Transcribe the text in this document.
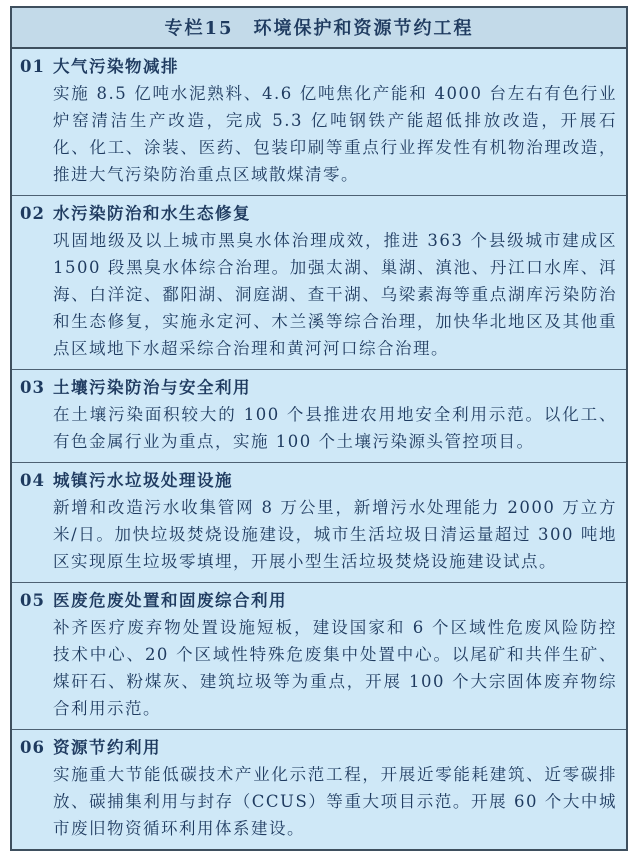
专栏15　环境保护和资源节约工程
01 大气污染物减排

实施 8.5 亿吨水泥熟料、4.6 亿吨焦化产能和 4000 台左右有色行业炉窑清洁生产改造，完成 5.3 亿吨钢铁产能超低排放改造，开展石化、化工、涂装、医药、包装印刷等重点行业挥发性有机物治理改造，推进大气污染防治重点区域散煤清零。

02 水污染防治和水生态修复

巩固地级及以上城市黑臭水体治理成效，推进 363 个县级城市建成区 1500 段黑臭水体综合治理。加强太湖、巢湖、滇池、丹江口水库、洱海、白洋淀、鄱阳湖、洞庭湖、查干湖、乌梁素海等重点湖库污染防治和生态修复，实施永定河、木兰溪等综合治理，加快华北地区及其他重点区域地下水超采综合治理和黄河河口综合治理。

03 土壤污染防治与安全利用

在土壤污染面积较大的 100 个县推进农用地安全利用示范。以化工、有色金属行业为重点，实施 100 个土壤污染源头管控项目。

04 城镇污水垃圾处理设施

新增和改造污水收集管网 8 万公里，新增污水处理能力 2000 万立方米/日。加快垃圾焚烧设施建设，城市生活垃圾日清运量超过 300 吨地区实现原生垃圾零填埋，开展小型生活垃圾焚烧设施建设试点。

05 医废危废处置和固废综合利用

补齐医疗废弃物处置设施短板，建设国家和 6 个区域性危废风险防控技术中心、20 个区域性特殊危废集中处置中心。以尾矿和共伴生矿、煤矸石、粉煤灰、建筑垃圾等为重点，开展 100 个大宗固体废弃物综合利用示范。

06 资源节约利用

实施重大节能低碳技术产业化示范工程，开展近零能耗建筑、近零碳排放、碳捕集利用与封存（CCUS）等重大项目示范。开展 60 个大中城市废旧物资循环利用体系建设。
